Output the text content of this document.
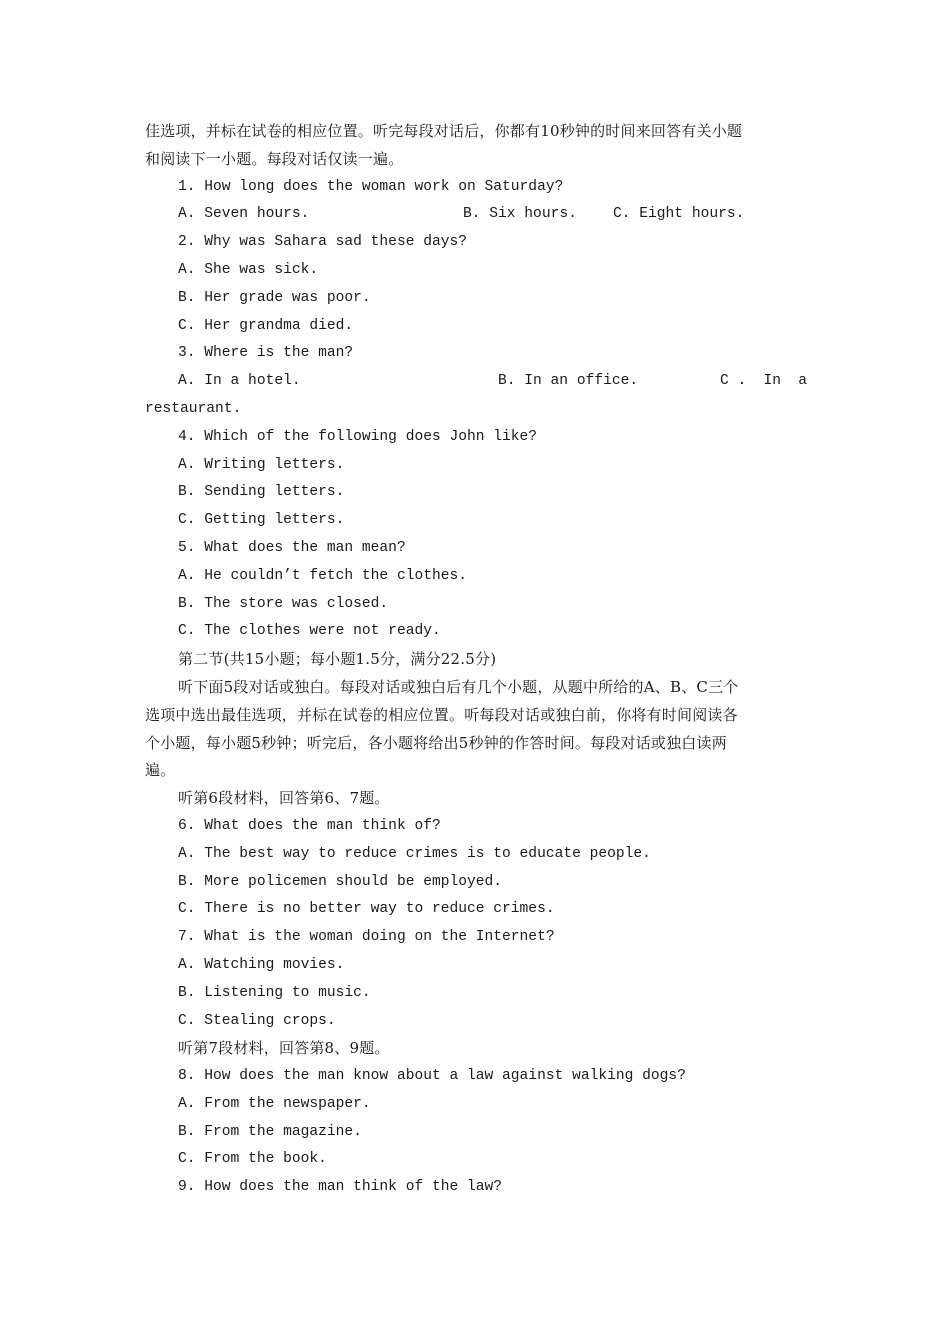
佳选项，并标在试卷的相应位置。听完每段对话后，你都有10秒钟的时间来回答有关小题
和阅读下一小题。每段对话仅读一遍。
1. How long does the woman work on Saturday?
A. Seven hours.	B. Six hours.	C. Eight hours.
2. Why was Sahara sad these days?
A. She was sick.
B. Her grade was poor.
C. Her grandma died.
3. Where is the man?
A. In a hotel.	B. In an office.	C . In a
restaurant.
4. Which of the following does John like?
A. Writing letters.
B. Sending letters.
C. Getting letters.
5. What does the man mean?
A. He couldn’t fetch the clothes.
B. The store was closed.
C. The clothes were not ready.
第二节(共15小题；每小题1.5分，满分22.5分)
听下面5段对话或独白。每段对话或独白后有几个小题，从题中所给的A、B、C三个
选项中选出最佳选项，并标在试卷的相应位置。听每段对话或独白前，你将有时间阅读各
个小题，每小题5秒钟；听完后，各小题将给出5秒钟的作答时间。每段对话或独白读两
遍。
听第6段材料，回答第6、7题。
6. What does the man think of?
A. The best way to reduce crimes is to educate people.
B. More policemen should be employed.
C. There is no better way to reduce crimes.
7. What is the woman doing on the Internet?
A. Watching movies.
B. Listening to music.
C. Stealing crops.
听第7段材料，回答第8、9题。
8. How does the man know about a law against walking dogs?
A. From the newspaper.
B. From the magazine.
C. From the book.
9. How does the man think of the law?
